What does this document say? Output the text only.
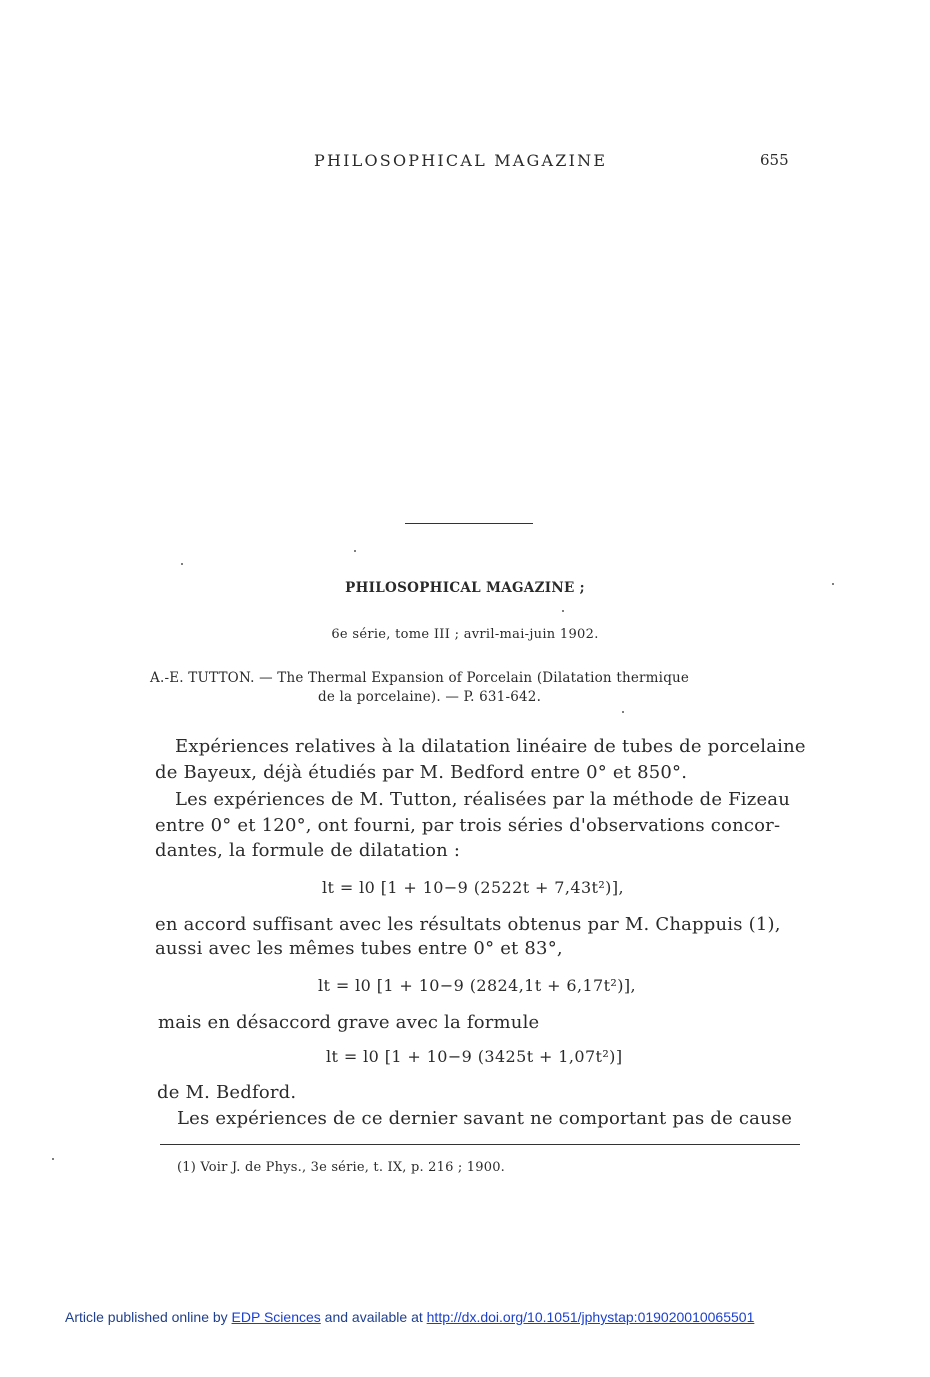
PHILOSOPHICAL MAGAZINE	655
PHILOSOPHICAL MAGAZINE ;
6e série, tome III ; avril-mai-juin 1902.
A.-E. TUTTON. — The Thermal Expansion of Porcelain (Dilatation thermique
de la porcelaine). — P. 631-642.
Expériences relatives à la dilatation linéaire de tubes de porcelaine
de Bayeux, déjà étudiés par M. Bedford entre 0° et 850°.
Les expériences de M. Tutton, réalisées par la méthode de Fizeau
entre 0° et 120°, ont fourni, par trois séries d'observations concor-
dantes, la formule de dilatation :
lt = l0 [1 + 10−9 (2522t + 7,43t²)],
en accord suffisant avec les résultats obtenus par M. Chappuis (1),
aussi avec les mêmes tubes entre 0° et 83°,
lt = l0 [1 + 10−9 (2824,1t + 6,17t²)],
mais en désaccord grave avec la formule
lt = l0 [1 + 10−9 (3425t + 1,07t²)]
de M. Bedford.
Les expériences de ce dernier savant ne comportant pas de cause
(1) Voir J. de Phys., 3e série, t. IX, p. 216 ; 1900.
Article published online by EDP Sciences and available at http://dx.doi.org/10.1051/jphystap:019020010065501
